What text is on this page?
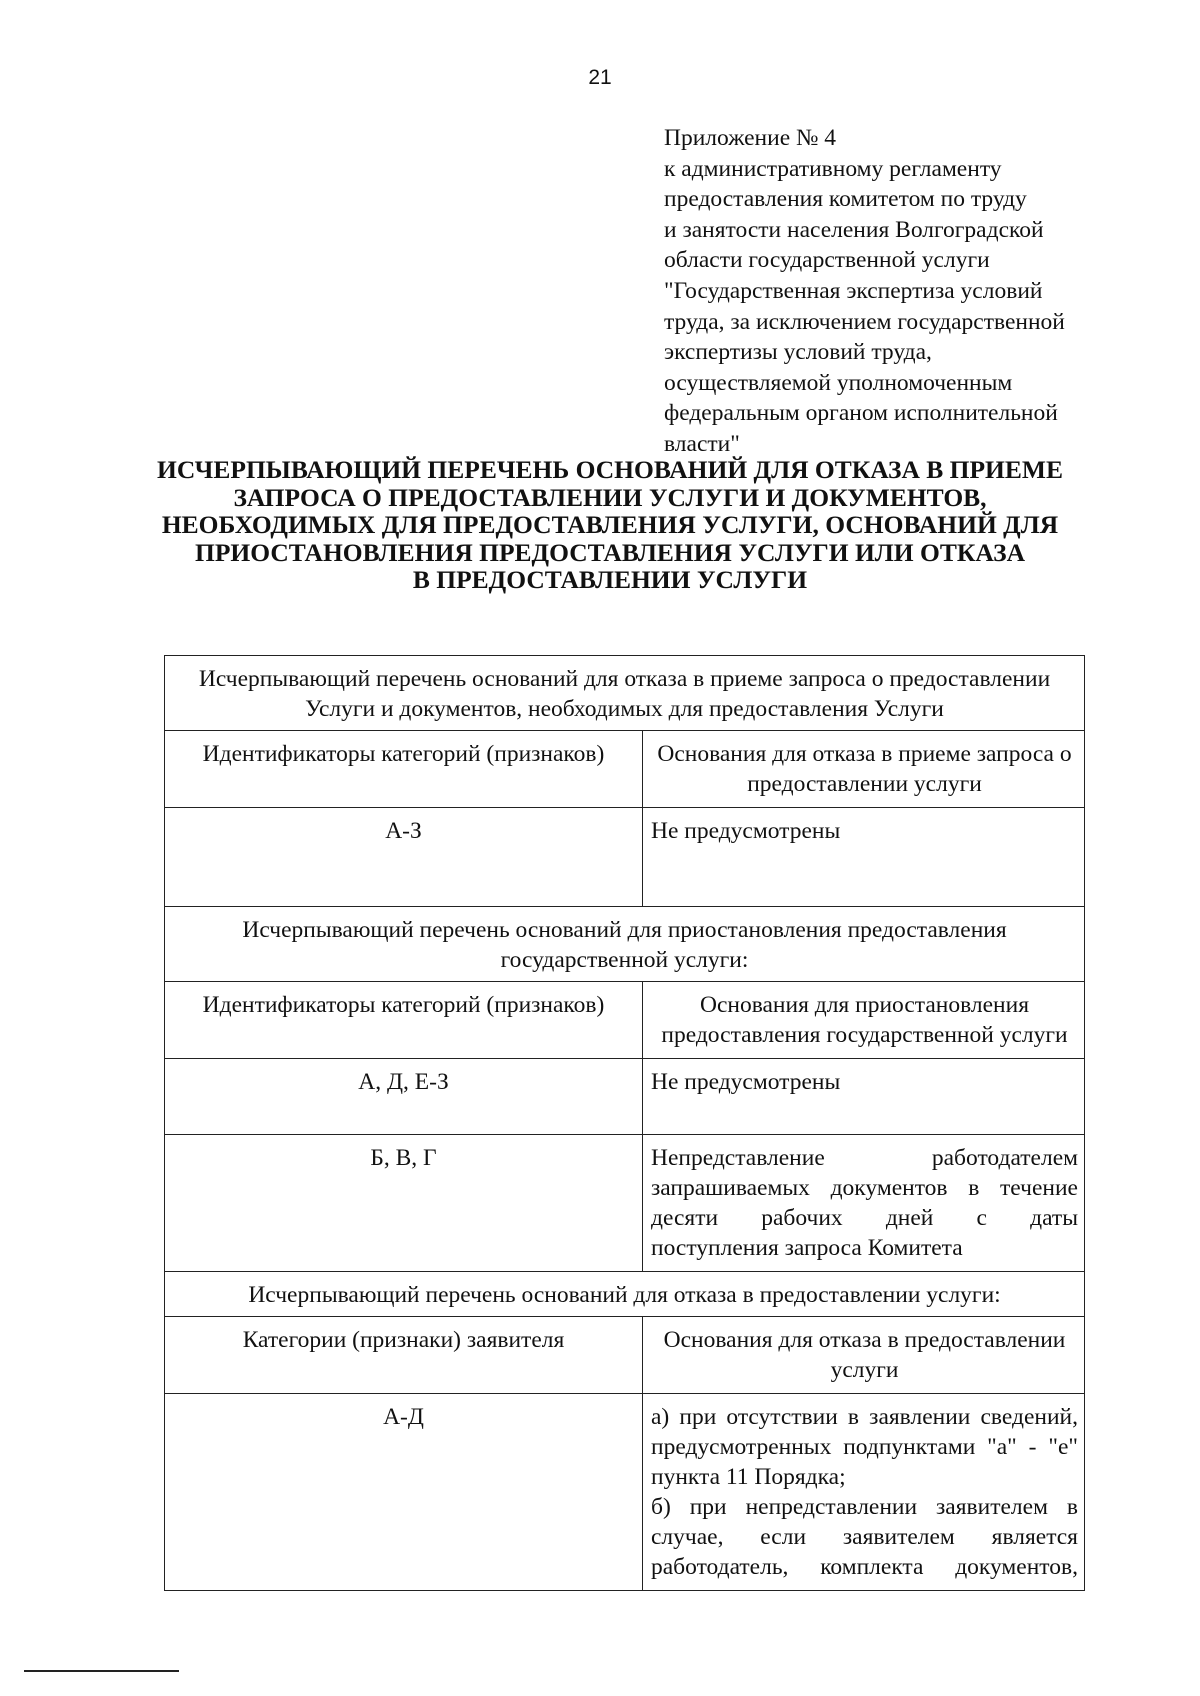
21
Приложение № 4
к административному регламенту
предоставления комитетом по труду
и занятости населения Волгоградской
области государственной услуги
"Государственная экспертиза условий
труда, за исключением государственной
экспертизы условий труда,
осуществляемой уполномоченным
федеральным органом исполнительной
власти"
ИСЧЕРПЫВАЮЩИЙ ПЕРЕЧЕНЬ ОСНОВАНИЙ ДЛЯ ОТКАЗА В ПРИЕМЕ
ЗАПРОСА О ПРЕДОСТАВЛЕНИИ УСЛУГИ И ДОКУМЕНТОВ,
НЕОБХОДИМЫХ ДЛЯ ПРЕДОСТАВЛЕНИЯ УСЛУГИ, ОСНОВАНИЙ ДЛЯ
ПРИОСТАНОВЛЕНИЯ ПРЕДОСТАВЛЕНИЯ УСЛУГИ ИЛИ ОТКАЗА
В ПРЕДОСТАВЛЕНИИ УСЛУГИ
Исчерпывающий перечень оснований для отказа в приеме запроса о предоставлении Услуги и документов, необходимых для предоставления Услуги
Идентификаторы категорий (признаков)	Основания для отказа в приеме запроса о предоставлении услуги
А-З	Не предусмотрены
Исчерпывающий перечень оснований для приостановления предоставления государственной услуги:
Идентификаторы категорий (признаков)	Основания для приостановления предоставления государственной услуги
А, Д, Е-З	Не предусмотрены
Б, В, Г	Непредставление работодателем
запрашиваемых документов в течение
десяти рабочих дней с даты
поступления запроса Комитета
Исчерпывающий перечень оснований для отказа в предоставлении услуги:
Категории (признаки) заявителя	Основания для отказа в предоставлении услуги
А-Д	а) при отсутствии в заявлении сведений,
предусмотренных подпунктами "а" - "е"
пункта 11 Порядка;
б) при непредставлении заявителем в
случае, если заявителем является
работодатель, комплекта документов,
